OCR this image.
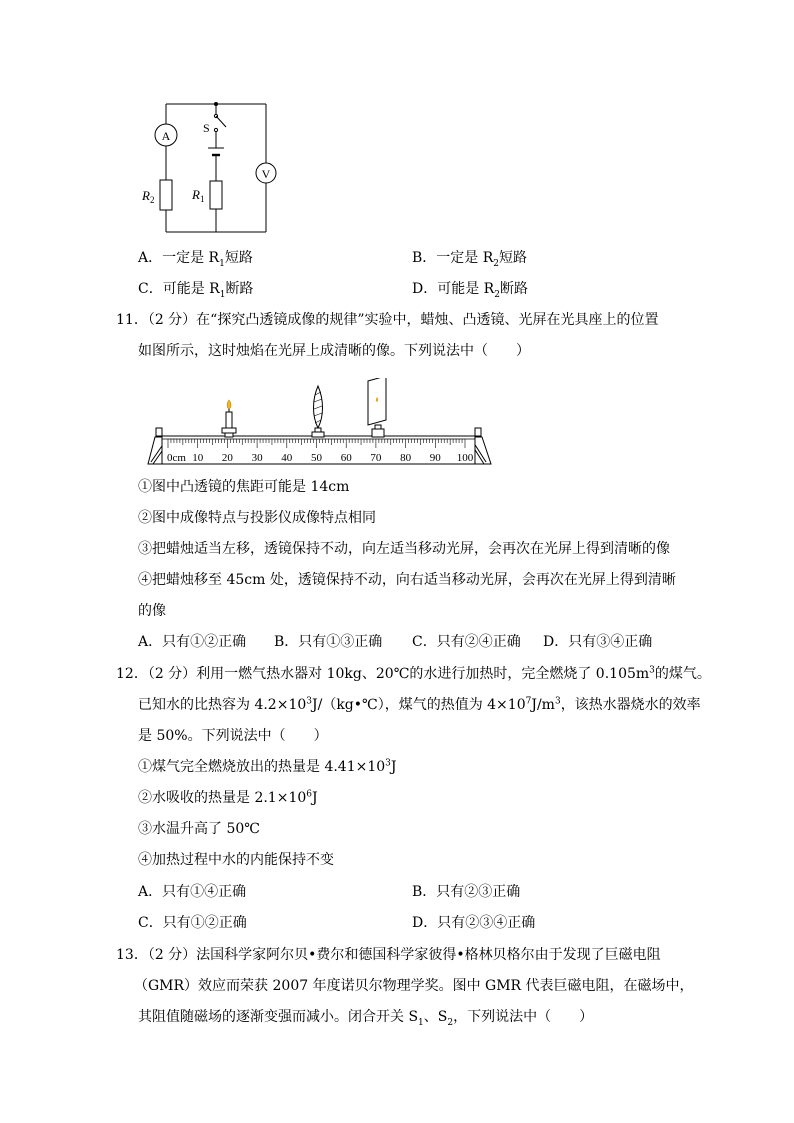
A
V
S
$R_2$	$R_1$
A．一定是 $R_1$短路	B．一定是 $R_2$短路
C．可能是 $R_1$断路	D．可能是 $R_2$断路
11．（2 分）在“探究凸透镜成像的规律”实验中，蜡烛、凸透镜、光屏在光具座上的位置
如图所示，这时烛焰在光屏上成清晰的像。下列说法中（　　）
0cm 10 20 30 40 50 60 70 80 90 100
①图中凸透镜的焦距可能是 14cm
②图中成像特点与投影仪成像特点相同
③把蜡烛适当左移，透镜保持不动，向左适当移动光屏，会再次在光屏上得到清晰的像
④把蜡烛移至 45cm 处，透镜保持不动，向右适当移动光屏，会再次在光屏上得到清晰
的像
A．只有①②正确 B．只有①③正确 C．只有②④正确 D．只有③④正确
12．（2 分）利用一燃气热水器对 10kg、20℃的水进行加热时，完全燃烧了 $0.105m^3$的煤气。
已知水的比热容为 $4.2\times 10^3J/(kg•℃)$，煤气的热值为 $4\times 10^7J/m^3$，该热水器烧水的效率
是 50%。下列说法中（　　）
①煤气完全燃烧放出的热量是 $4.41\times 10^3J$
②水吸收的热量是 $2.1\times 10^6J$
③水温升高了 50℃
④加热过程中水的内能保持不变
A．只有①④正确	B．只有②③正确
C．只有①②正确	D．只有②③④正确
13．（2 分）法国科学家阿尔贝•费尔和德国科学家彼得•格林贝格尔由于发现了巨磁电阻
（GMR）效应而荣获 2007 年度诺贝尔物理学奖。图中 GMR 代表巨磁电阻，在磁场中，
其阻值随磁场的逐渐变强而减小。闭合开关 $S_1$、$S_2$，下列说法中（　　）
